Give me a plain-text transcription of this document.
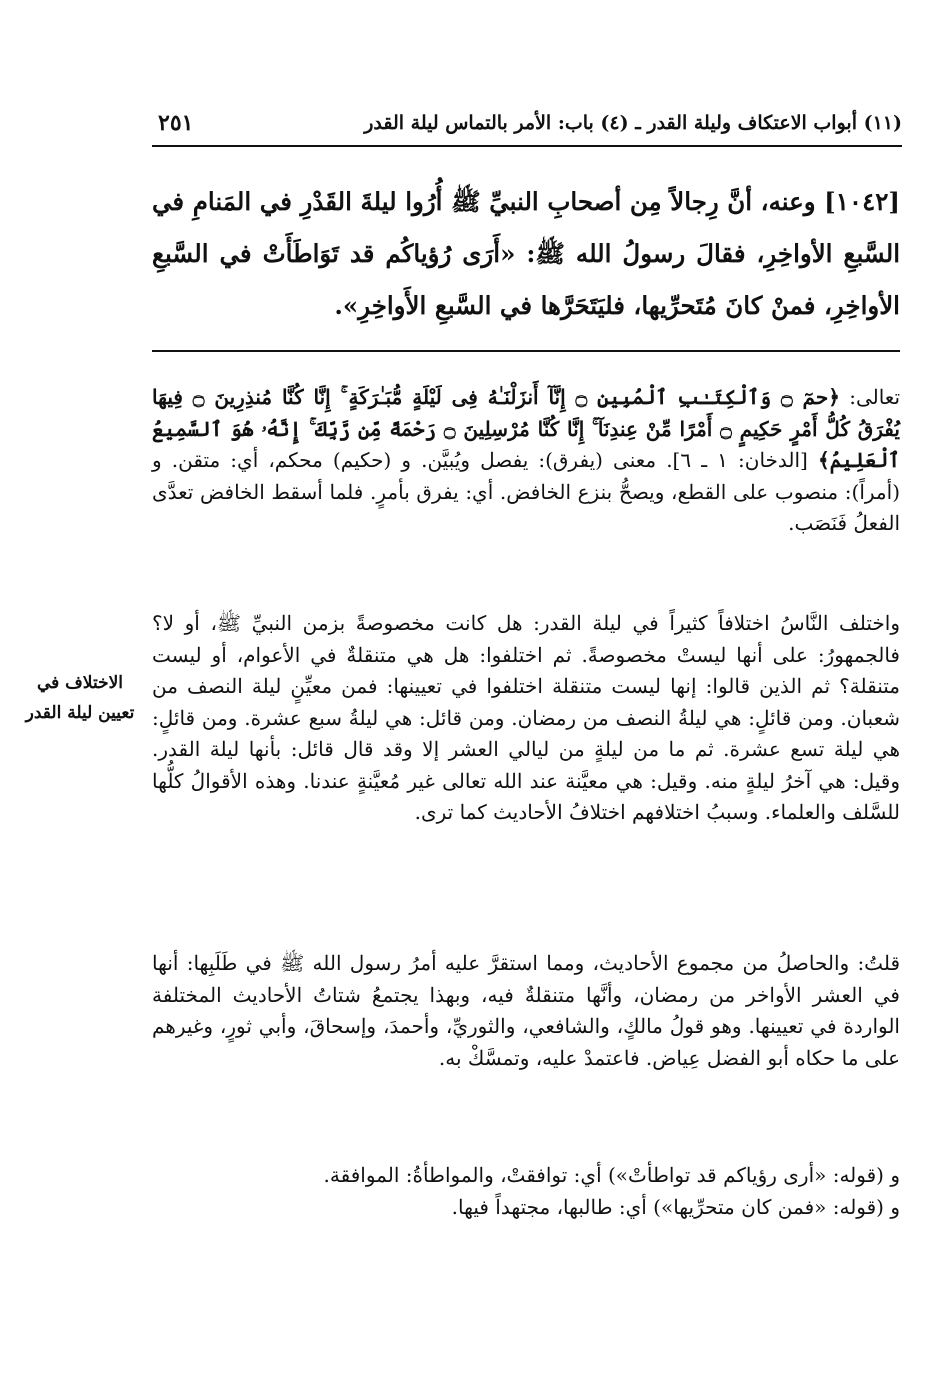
(١١) أبواب الاعتكاف وليلة القدر ـ (٤) باب: الأمر بالتماس ليلة القدر
٢٥١

[١٠٤٢] وعنه، أنَّ رِجالاً مِن أصحابِ النبيِّ ﷺ أُرُوا ليلةَ القَدْرِ في المَنامِ في السَّبعِ الأواخِرِ، فقالَ رسولُ الله ﷺ: «أَرَى رُؤياكُم قد تَوَاطَأَتْ في السَّبعِ الأواخِرِ، فمنْ كانَ مُتَحرِّيها، فليَتَحَرَّها في السَّبعِ الأَواخِرِ».

تعالى: ﴿حمٓ ۝ وَٱلْكِتَـٰبِ ٱلْمُبِينِ ۝ إِنَّآ أَنزَلْنَـٰهُ فِى لَيْلَةٍ مُّبَـٰرَكَةٍ ۚ إِنَّا كُنَّا مُنذِرِينَ ۝ فِيهَا يُفْرَقُ كُلُّ أَمْرٍ حَكِيمٍ ۝ أَمْرًا مِّنْ عِندِنَآ ۚ إِنَّا كُنَّا مُرْسِلِينَ ۝ رَحْمَةً مِّن رَّبِّكَ ۚ إِنَّهُۥ هُوَ ٱلسَّمِيعُ ٱلْعَلِيمُ﴾ [الدخان: ١ ـ ٦]. معنى (يفرق): يفصل ويُبيَّن. و (حكيم) محكم، أي: متقن. و (أمراً): منصوب على القطع، ويصحُّ بنزع الخافض. أي: يفرق بأمرٍ. فلما أسقط الخافض تعدَّى الفعلُ فَنَصَب.

واختلف النَّاسُ اختلافاً كثيراً في ليلة القدر: هل كانت مخصوصةً بزمن النبيِّ ﷺ، أو لا؟ فالجمهورُ: على أنها ليستْ مخصوصةً. ثم اختلفوا: هل هي متنقلةٌ في الأعوام، أو ليست متنقلة؟ ثم الذين قالوا: إنها ليست متنقلة اختلفوا في تعيينها: فمن معيِّنٍ ليلة النصف من شعبان. ومن قائلٍ: هي ليلةُ النصف من رمضان. ومن قائل: هي ليلةُ سبع عشرة. ومن قائلٍ: هي ليلة تسع عشرة. ثم ما من ليلةٍ من ليالي العشر إلا وقد قال قائل: بأنها ليلة القدر. وقيل: هي آخرُ ليلةٍ منه. وقيل: هي معيَّنة عند الله تعالى غير مُعيَّنةٍ عندنا. وهذه الأقوالُ كلُّها للسَّلف والعلماء. وسببُ اختلافهم اختلافُ الأحاديث كما ترى.

قلتُ: والحاصلُ من مجموع الأحاديث، ومما استقرَّ عليه أمرُ رسول الله ﷺ في طَلَبِها: أنها في العشر الأواخر من رمضان، وأنَّها متنقلةٌ فيه، وبهذا يجتمعُ شتاتُ الأحاديث المختلفة الواردة في تعيينها. وهو قولُ مالكٍ، والشافعي، والثوريِّ، وأحمدَ، وإسحاقَ، وأبي ثورٍ، وغيرهم على ما حكاه أبو الفضل عِياض. فاعتمدْ عليه، وتمسَّكْ به.

و (قوله: «أرى رؤياكم قد تواطأتْ») أي: توافقتْ، والمواطأةُ: الموافقة.
و (قوله: «فمن كان متحرِّيها») أي: طالبها، مجتهداً فيها.

الاختلاف في تعيين ليلة القدر
